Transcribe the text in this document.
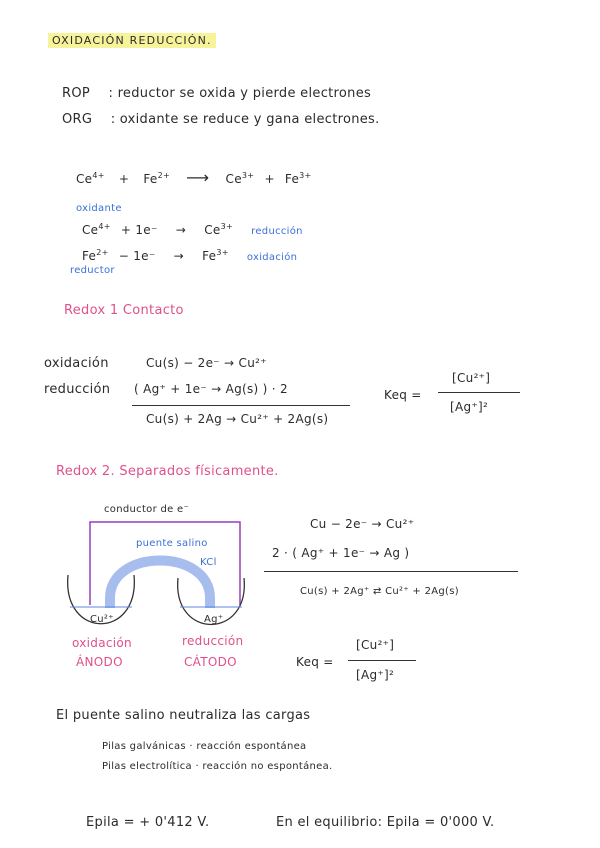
OXIDACIÓN REDUCCIÓN.
ROP : reductor se oxida y pierde electrones
ORG : oxidante se reduce y gana electrones.
$Ce^{4+} + Fe^{2+}$ ⟶ $Ce^{3+} + Fe^{3+}$
oxidante
$Ce^{4+} + 1e^- \to Ce^{3+}$ reducción
$Fe^{2+} - 1e^- \to Fe^{3+}$ oxidación
reductor
Redox 1 Contacto
oxidación	Cu(s) − 2e⁻ → Cu²⁺
reducción ( Ag⁺ + 1e⁻ → Ag(s) ) · 2
Cu(s) + 2Ag → Cu²⁺ + 2Ag(s)
Keq =
[Cu²⁺]
[Ag⁺]²
Redox 2. Separados físicamente.
conductor de e⁻
puente salino
KCl
Cu²⁺	Ag⁺
oxidación
ÁNODO
reducción
CÁTODO
Cu − 2e⁻ → Cu²⁺
2 · ( Ag⁺ + 1e⁻ → Ag )
Cu(s) + 2Ag⁺ ⇄ Cu²⁺ + 2Ag(s)
Keq =
[Cu²⁺]
[Ag⁺]²
El puente salino neutraliza las cargas
Pilas galvánicas · reacción espontánea
Pilas electrolítica · reacción no espontánea.
Epila = + 0'412 V.	En el equilibrio: Epila = 0'000 V.
